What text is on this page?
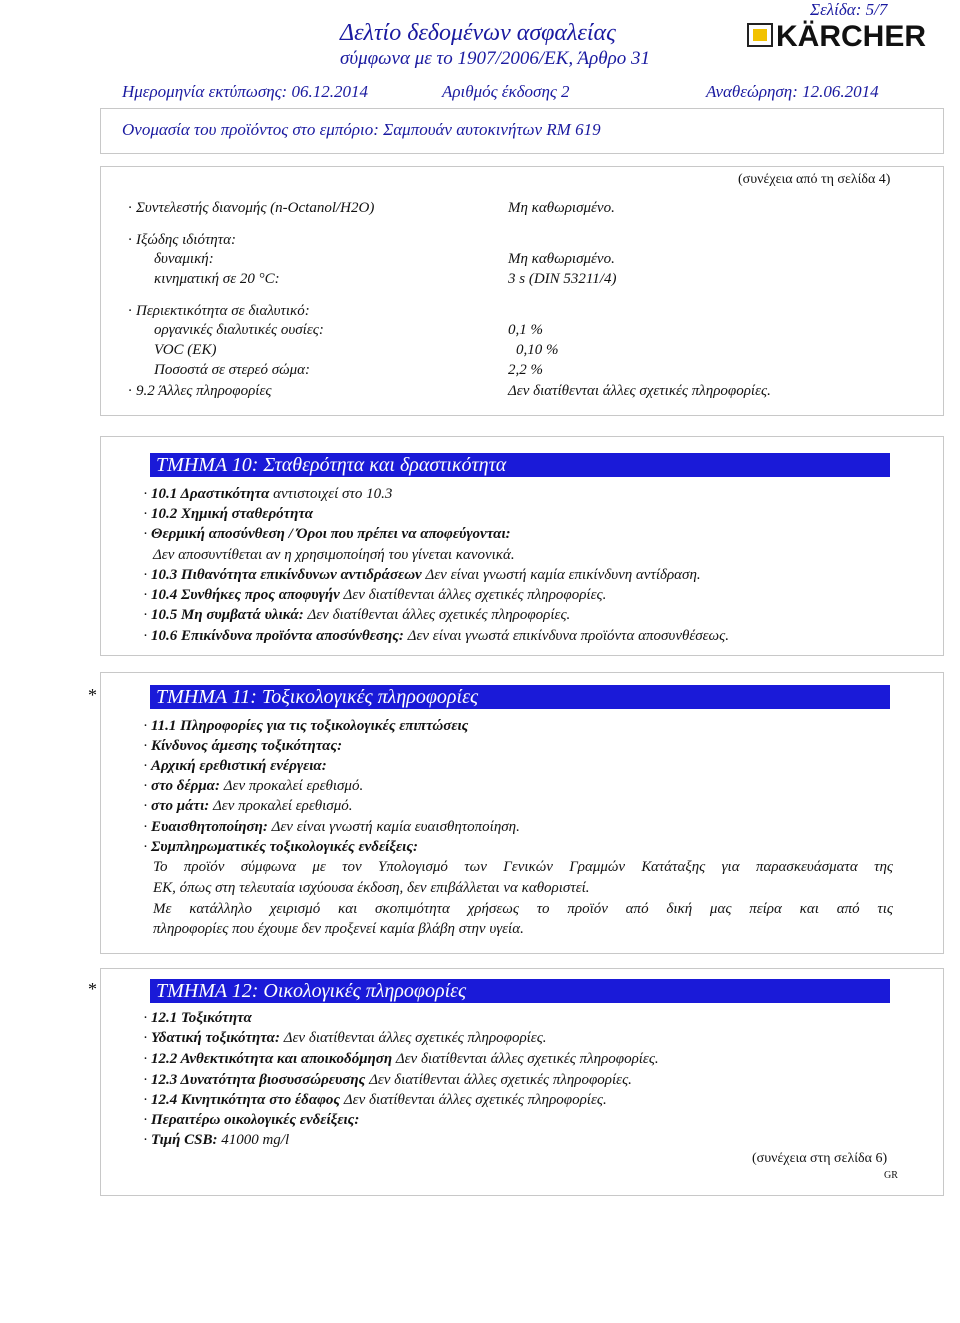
Σελίδα: 5/7
Δελτίο δεδομένων ασφαλείας
σύμφωνα με το 1907/2006/ΕΚ, Άρθρο 31
KÄRCHER
Ημερομηνία εκτύπωσης: 06.12.2014	Αριθμός έκδοσης 2	Αναθεώρηση: 12.06.2014
Ονομασία του προϊόντος στο εμπόριο: Σαμπουάν αυτοκινήτων RM 619
(συνέχεια από τη σελίδα 4)
· Συντελεστής διανομής (n-Octanol/H2O)	Μη καθωρισμένο.
· Ιξώδης ιδιότητα:
δυναμική:	Μη καθωρισμένο.
κινηματική σε 20 °C:	3 s (DIN 53211/4)
· Περιεκτικότητα σε διαλυτικό:
οργανικές διαλυτικές ουσίες:	0,1 %
VOC (ΕΚ)	0,10 %
Ποσοστά σε στερεό σώμα:	2,2 %
· 9.2 Άλλες πληροφορίες	Δεν διατίθενται άλλες σχετικές πληροφορίες.
ΤΜΗΜΑ 10: Σταθερότητα και δραστικότητα
· 10.1 Δραστικότητα αντιστοιχεί στο 10.3
· 10.2 Χημική σταθερότητα
· Θερμική αποσύνθεση / Όροι που πρέπει να αποφεύγονται:
Δεν αποσυντίθεται αν η χρησιμοποίησή του γίνεται κανονικά.
· 10.3 Πιθανότητα επικίνδυνων αντιδράσεων Δεν είναι γνωστή καμία επικίνδυνη αντίδραση.
· 10.4 Συνθήκες προς αποφυγήν Δεν διατίθενται άλλες σχετικές πληροφορίες.
· 10.5 Μη συμβατά υλικά: Δεν διατίθενται άλλες σχετικές πληροφορίες.
· 10.6 Επικίνδυνα προϊόντα αποσύνθεσης: Δεν είναι γνωστά επικίνδυνα προϊόντα αποσυνθέσεως.
*	ΤΜΗΜΑ 11: Τοξικολογικές πληροφορίες
· 11.1 Πληροφορίες για τις τοξικολογικές επιπτώσεις
· Κίνδυνος άμεσης τοξικότητας:
· Αρχική ερεθιστική ενέργεια:
· στο δέρμα: Δεν προκαλεί ερεθισμό.
· στο μάτι: Δεν προκαλεί ερεθισμό.
· Ευαισθητοποίηση: Δεν είναι γνωστή καμία ευαισθητοποίηση.
· Συμπληρωματικές τοξικολογικές ενδείξεις:
Το προϊόν σύμφωνα με τον Υπολογισμό των Γενικών Γραμμών Κατάταξης για παρασκευάσματα της
ΕΚ, όπως στη τελευταία ισχύουσα έκδοση, δεν επιβάλλεται να καθοριστεί.
Με κατάλληλο χειρισμό και σκοπιμότητα χρήσεως το προϊόν από δική μας πείρα και από τις
πληροφορίες που έχουμε δεν προξενεί καμία βλάβη στην υγεία.
*	ΤΜΗΜΑ 12: Οικολογικές πληροφορίες
· 12.1 Τοξικότητα
· Υδατική τοξικότητα: Δεν διατίθενται άλλες σχετικές πληροφορίες.
· 12.2 Ανθεκτικότητα και αποικοδόμηση Δεν διατίθενται άλλες σχετικές πληροφορίες.
· 12.3 Δυνατότητα βιοσυσσώρευσης Δεν διατίθενται άλλες σχετικές πληροφορίες.
· 12.4 Κινητικότητα στο έδαφος Δεν διατίθενται άλλες σχετικές πληροφορίες.
· Περαιτέρω οικολογικές ενδείξεις:
· Τιμή CSB: 41000 mg/l
(συνέχεια στη σελίδα 6)
GR
